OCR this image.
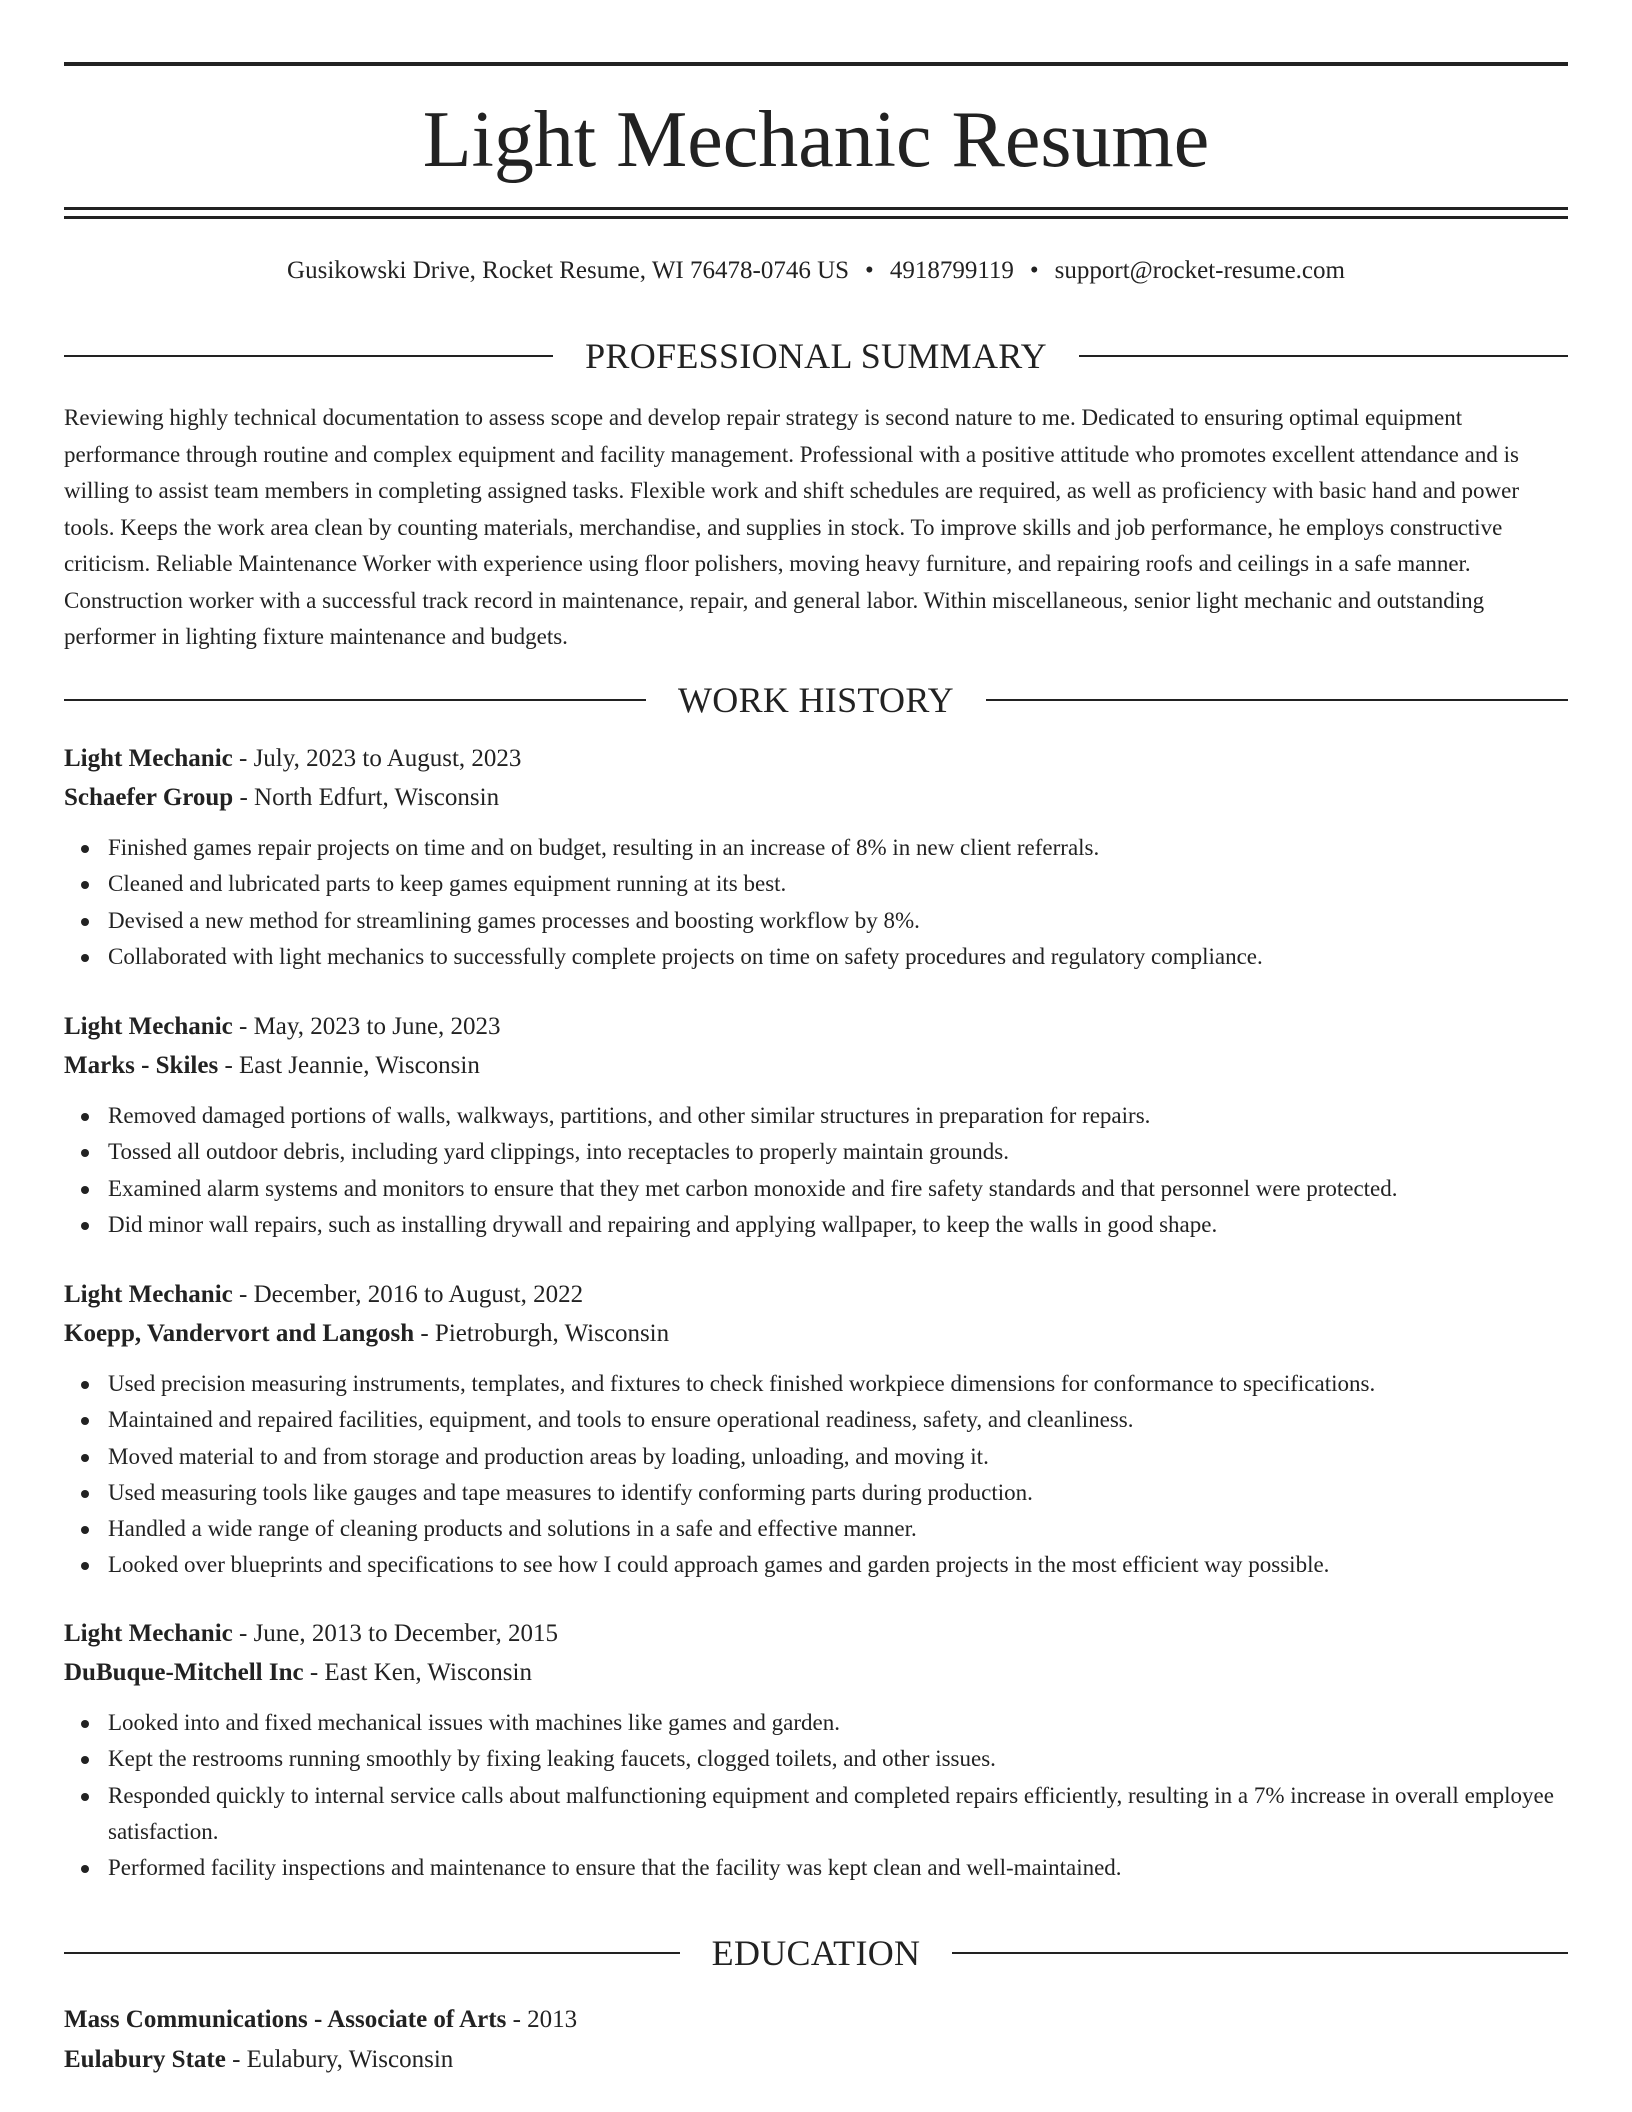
Light Mechanic Resume
Gusikowski Drive, Rocket Resume, WI 76478-0746 US • 4918799119 • support@rocket-resume.com
PROFESSIONAL SUMMARY

Reviewing highly technical documentation to assess scope and develop repair strategy is second nature to me. Dedicated to ensuring optimal equipment performance through routine and complex equipment and facility management. Professional with a positive attitude who promotes excellent attendance and is willing to assist team members in completing assigned tasks. Flexible work and shift schedules are required, as well as proficiency with basic hand and power tools. Keeps the work area clean by counting materials, merchandise, and supplies in stock. To improve skills and job performance, he employs constructive criticism. Reliable Maintenance Worker with experience using floor polishers, moving heavy furniture, and repairing roofs and ceilings in a safe manner. Construction worker with a successful track record in maintenance, repair, and general labor. Within miscellaneous, senior light mechanic and outstanding performer in lighting fixture maintenance and budgets.

WORK HISTORY
Light Mechanic - July, 2023 to August, 2023
Schaefer Group - North Edfurt, Wisconsin
Finished games repair projects on time and on budget, resulting in an increase of 8% in new client referrals.
Cleaned and lubricated parts to keep games equipment running at its best.
Devised a new method for streamlining games processes and boosting workflow by 8%.
Collaborated with light mechanics to successfully complete projects on time on safety procedures and regulatory compliance.
Light Mechanic - May, 2023 to June, 2023
Marks - Skiles - East Jeannie, Wisconsin
Removed damaged portions of walls, walkways, partitions, and other similar structures in preparation for repairs.
Tossed all outdoor debris, including yard clippings, into receptacles to properly maintain grounds.
Examined alarm systems and monitors to ensure that they met carbon monoxide and fire safety standards and that personnel were protected.
Did minor wall repairs, such as installing drywall and repairing and applying wallpaper, to keep the walls in good shape.
Light Mechanic - December, 2016 to August, 2022
Koepp, Vandervort and Langosh - Pietroburgh, Wisconsin
Used precision measuring instruments, templates, and fixtures to check finished workpiece dimensions for conformance to specifications.
Maintained and repaired facilities, equipment, and tools to ensure operational readiness, safety, and cleanliness.
Moved material to and from storage and production areas by loading, unloading, and moving it.
Used measuring tools like gauges and tape measures to identify conforming parts during production.
Handled a wide range of cleaning products and solutions in a safe and effective manner.
Looked over blueprints and specifications to see how I could approach games and garden projects in the most efficient way possible.
Light Mechanic - June, 2013 to December, 2015
DuBuque-Mitchell Inc - East Ken, Wisconsin
Looked into and fixed mechanical issues with machines like games and garden.
Kept the restrooms running smoothly by fixing leaking faucets, clogged toilets, and other issues.
Responded quickly to internal service calls about malfunctioning equipment and completed repairs efficiently, resulting in a 7% increase in overall employee satisfaction.
Performed facility inspections and maintenance to ensure that the facility was kept clean and well-maintained.
EDUCATION
Mass Communications - Associate of Arts - 2013
Eulabury State - Eulabury, Wisconsin
